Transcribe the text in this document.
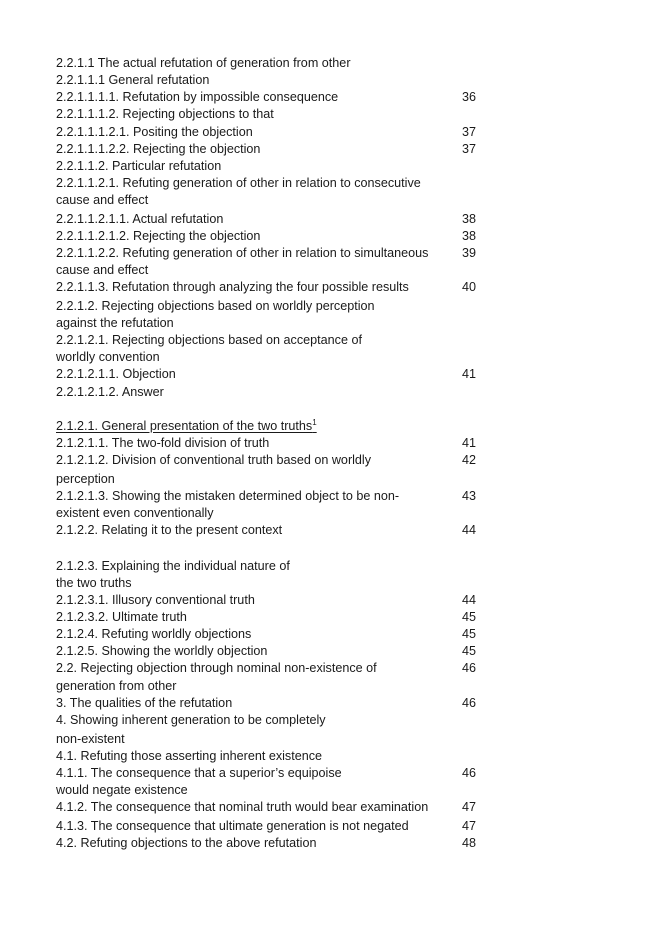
2.2.1.1 The actual refutation of generation from other
2.2.1.1.1 General refutation
2.2.1.1.1.1. Refutation by impossible consequence	36
2.2.1.1.1.2. Rejecting objections to that
2.2.1.1.1.2.1. Positing the objection	37
2.2.1.1.1.2.2. Rejecting the objection	37
2.2.1.1.2. Particular refutation
2.2.1.1.2.1. Refuting generation of other in relation to consecutive
cause and effect
2.2.1.1.2.1.1. Actual refutation	38
2.2.1.1.2.1.2. Rejecting the objection	38
2.2.1.1.2.2. Refuting generation of other in relation to simultaneous	39
cause and effect
2.2.1.1.3. Refutation through analyzing the four possible results	40
2.2.1.2. Rejecting objections based on worldly perception
against the refutation
2.2.1.2.1. Rejecting objections based on acceptance of
worldly convention
2.2.1.2.1.1. Objection	41
2.2.1.2.1.2. Answer
2.1.2.1. General presentation of the two truths$^1$
2.1.2.1.1. The two-fold division of truth	41
2.1.2.1.2. Division of conventional truth based on worldly	42
perception
2.1.2.1.3. Showing the mistaken determined object to be non-	43
existent even conventionally
2.1.2.2. Relating it to the present context	44
2.1.2.3. Explaining the individual nature of
the two truths
2.1.2.3.1. Illusory conventional truth	44
2.1.2.3.2. Ultimate truth	45
2.1.2.4. Refuting worldly objections	45
2.1.2.5. Showing the worldly objection	45
2.2. Rejecting objection through nominal non-existence of	46
generation from other
3. The qualities of the refutation	46
4. Showing inherent generation to be completely
non-existent
4.1. Refuting those asserting inherent existence
4.1.1. The consequence that a superior’s equipoise	46
would negate existence
4.1.2. The consequence that nominal truth would bear examination	47
4.1.3. The consequence that ultimate generation is not negated	47
4.2. Refuting objections to the above refutation	48
